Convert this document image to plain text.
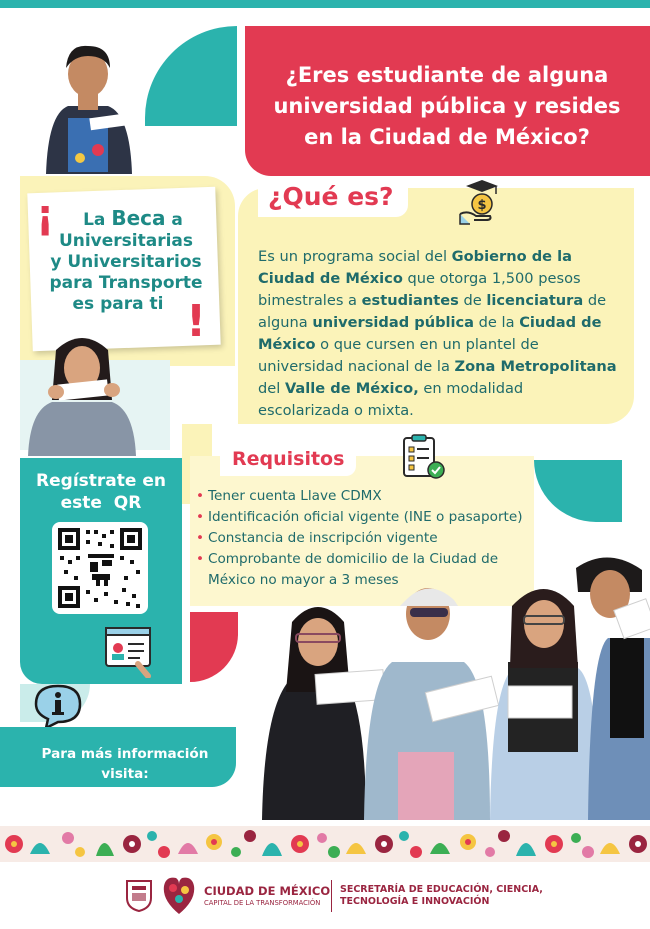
¿Eres estudiante de alguna
universidad pública y resides
en la Ciudad de México?
¡	La Beca a
Universitarias
y Universitarios
para Transporte
es para ti !
¿Qué es?	$
Es un programa social del Gobierno de la Ciudad de México que otorga 1,500 pesos bimestrales a estudiantes de licenciatura de alguna universidad pública de la Ciudad de México o que cursen en un plantel de universidad nacional de la Zona Metropolitana del Valle de México, en modalidad escolarizada o mixta.
Regístrate en
este  QR
Requisitos
• Tener cuenta Llave CDMX
• Identificación oficial vigente (INE o pasaporte)
• Constancia de inscripción vigente
• Comprobante de domicilio de la Ciudad de México no mayor a 3 meses
Para más información visita:
www.sectei.cdmx.gob.mx
CIUDAD DE MÉXICO
CAPITAL DE LA TRANSFORMACIÓN
SECRETARÍA DE EDUCACIÓN, CIENCIA, TECNOLOGÍA E INNOVACIÓN
